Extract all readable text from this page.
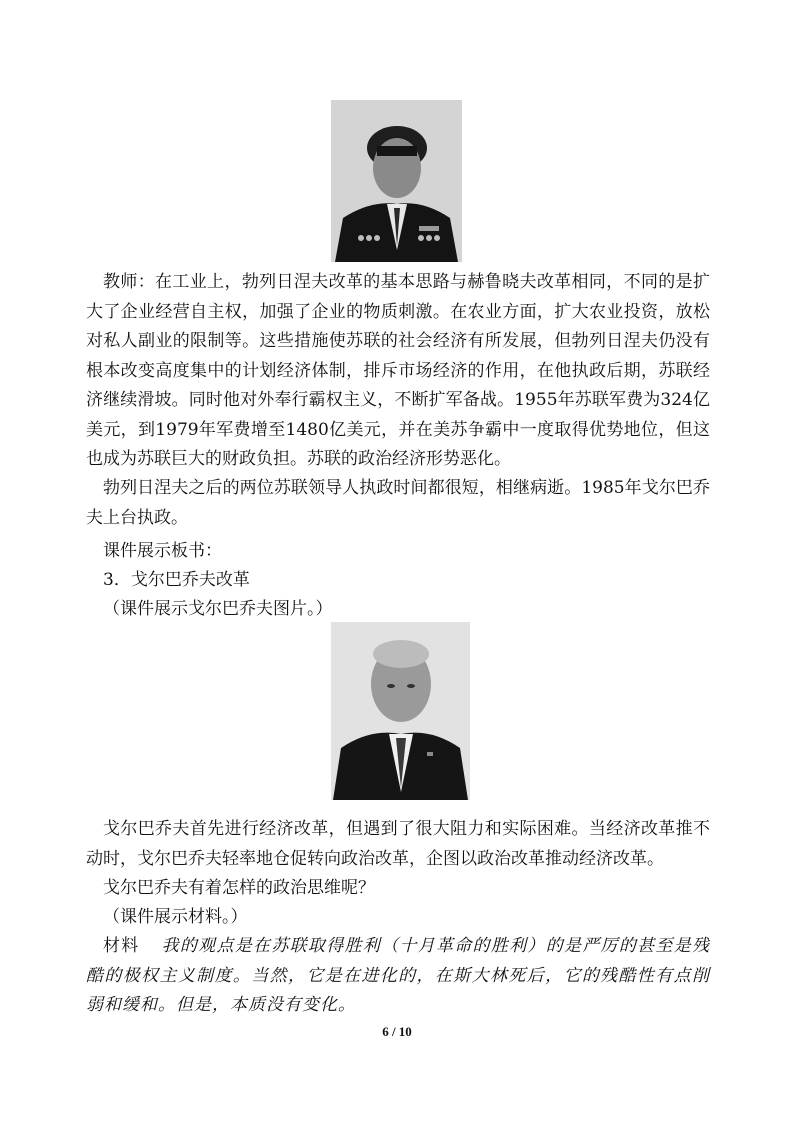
教师：在工业上，勃列日涅夫改革的基本思路与赫鲁晓夫改革相同，不同的是扩大了企业经营自主权，加强了企业的物质刺激。在农业方面，扩大农业投资，放松对私人副业的限制等。这些措施使苏联的社会经济有所发展，但勃列日涅夫仍没有根本改变高度集中的计划经济体制，排斥市场经济的作用，在他执政后期，苏联经济继续滑坡。同时他对外奉行霸权主义，不断扩军备战。1955年苏联军费为324亿美元，到1979年军费增至1480亿美元，并在美苏争霸中一度取得优势地位，但这也成为苏联巨大的财政负担。苏联的政治经济形势恶化。

勃列日涅夫之后的两位苏联领导人执政时间都很短，相继病逝。1985年戈尔巴乔夫上台执政。

课件展示板书：

3．戈尔巴乔夫改革

（课件展示戈尔巴乔夫图片。）

戈尔巴乔夫首先进行经济改革，但遇到了很大阻力和实际困难。当经济改革推不动时，戈尔巴乔夫轻率地仓促转向政治改革，企图以政治改革推动经济改革。

戈尔巴乔夫有着怎样的政治思维呢？

（课件展示材料。）

材料 我的观点是在苏联取得胜利（十月革命的胜利）的是严厉的甚至是残酷的极权主义制度。当然，它是在进化的，在斯大林死后，它的残酷性有点削弱和缓和。但是，本质没有变化。

6 / 10
